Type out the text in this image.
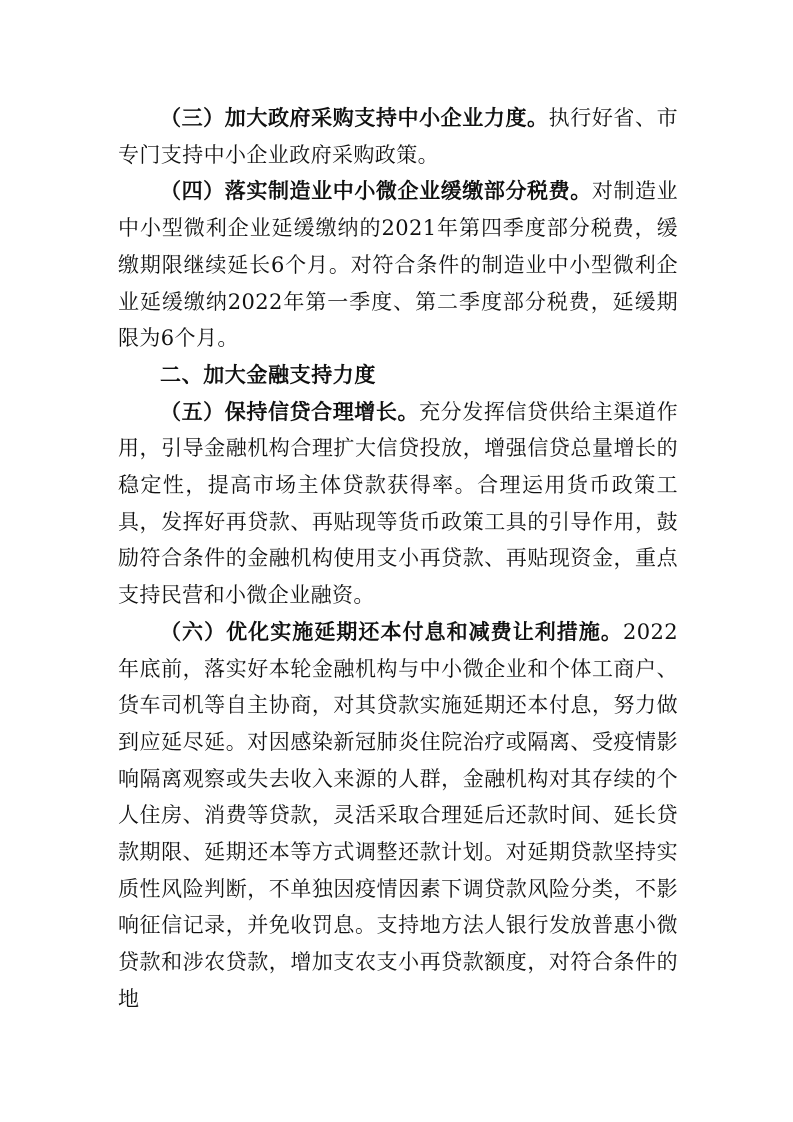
（三）加大政府采购支持中小企业力度。执行好省、市专门支持中小企业政府采购政策。

（四）落实制造业中小微企业缓缴部分税费。对制造业中小型微利企业延缓缴纳的2021年第四季度部分税费，缓缴期限继续延长6个月。对符合条件的制造业中小型微利企业延缓缴纳2022年第一季度、第二季度部分税费，延缓期限为6个月。

二、加大金融支持力度

（五）保持信贷合理增长。充分发挥信贷供给主渠道作用，引导金融机构合理扩大信贷投放，增强信贷总量增长的稳定性，提高市场主体贷款获得率。合理运用货币政策工具，发挥好再贷款、再贴现等货币政策工具的引导作用，鼓励符合条件的金融机构使用支小再贷款、再贴现资金，重点支持民营和小微企业融资。

（六）优化实施延期还本付息和减费让利措施。2022年底前，落实好本轮金融机构与中小微企业和个体工商户、货车司机等自主协商，对其贷款实施延期还本付息，努力做到应延尽延。对因感染新冠肺炎住院治疗或隔离、受疫情影响隔离观察或失去收入来源的人群，金融机构对其存续的个人住房、消费等贷款，灵活采取合理延后还款时间、延长贷款期限、延期还本等方式调整还款计划。对延期贷款坚持实质性风险判断，不单独因疫情因素下调贷款风险分类，不影响征信记录，并免收罚息。支持地方法人银行发放普惠小微贷款和涉农贷款，增加支农支小再贷款额度，对符合条件的地
